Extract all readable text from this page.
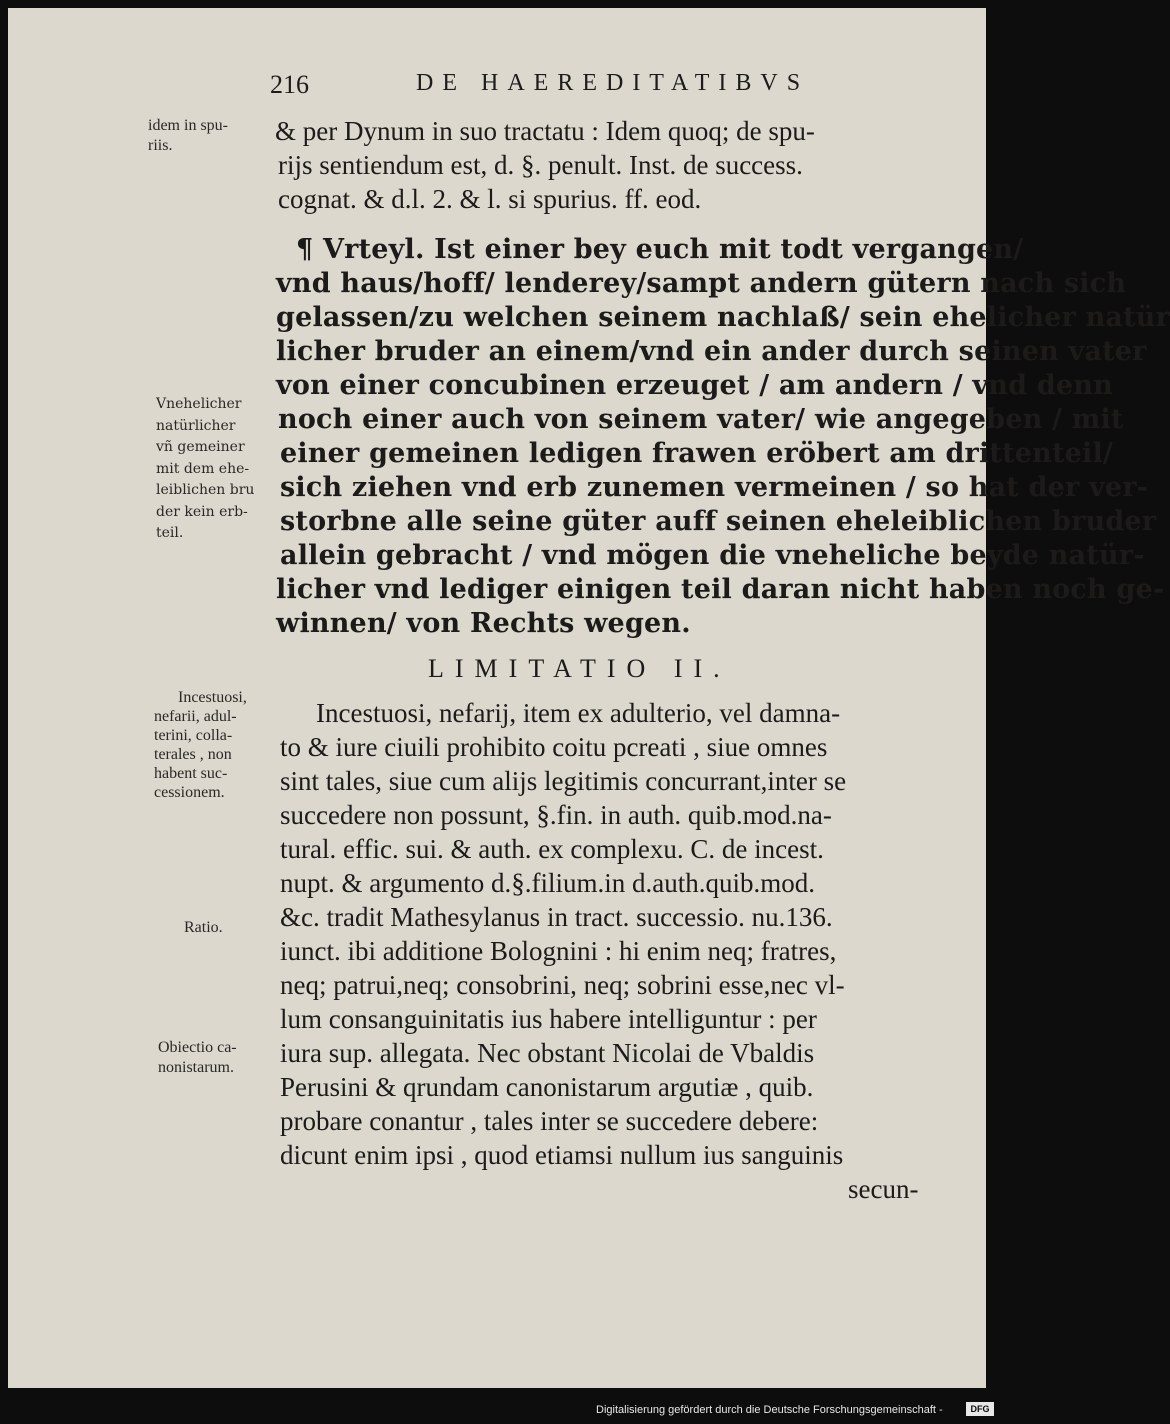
216	DE HAEREDITATIBVS
& per Dynum in suo tractatu : Idem quoq; de spu-
rijs sentiendum est, d. §. penult. Inst. de success.
cognat. & d.l. 2. & l. si spurius. ff. eod.
¶ Vrteyl. Ist einer bey euch mit todt vergangen/
vnd haus/hoff/ lenderey/sampt andern gütern nach sich
gelassen/zu welchen seinem nachlaß/ sein ehelicher natür
licher bruder an einem/vnd ein ander durch seinen vater
von einer concubinen erzeuget / am andern / vnd denn
noch einer auch von seinem vater/ wie angegeben / mit
einer gemeinen ledigen frawen eröbert am drittenteil/
sich ziehen vnd erb zunemen vermeinen / so hat der ver-
storbne alle seine güter auff seinen eheleiblichen bruder
allein gebracht / vnd mögen die vneheliche beyde natür-
licher vnd lediger einigen teil daran nicht haben noch ge-
winnen/ von Rechts wegen.
LIMITATIO II.
Incestuosi, nefarij, item ex adulterio, vel damna-
to & iure ciuili prohibito coitu pcreati , siue omnes
sint tales, siue cum alijs legitimis concurrant,inter se
succedere non possunt, §.fin. in auth. quib.mod.na-
tural. effic. sui. & auth. ex complexu. C. de incest.
nupt. & argumento d.§.filium.in d.auth.quib.mod.
&c. tradit Mathesylanus in tract. successio. nu.136.
iunct. ibi additione Bolognini : hi enim neq; fratres,
neq; patrui,neq; consobrini, neq; sobrini esse,nec vl-
lum consanguinitatis ius habere intelliguntur : per
iura sup. allegata. Nec obstant Nicolai de Vbaldis
Perusini & qrundam canonistarum argutiæ , quib.
probare conantur , tales inter se succedere debere:
dicunt enim ipsi , quod etiamsi nullum ius sanguinis
secun-
idem in spu-
riis.
Vnehelicher
natürlicher
vñ gemeiner
mit dem ehe-
leiblichen bru
der kein erb-
teil.
Incestuosi,
nefarii, adul-
terini, colla-
terales , non
habent suc-
cessionem.
Ratio.
Obiectio ca-
nonistarum.
Digitalisierung gefördert durch die Deutsche Forschungsgemeinschaft -	DFG
